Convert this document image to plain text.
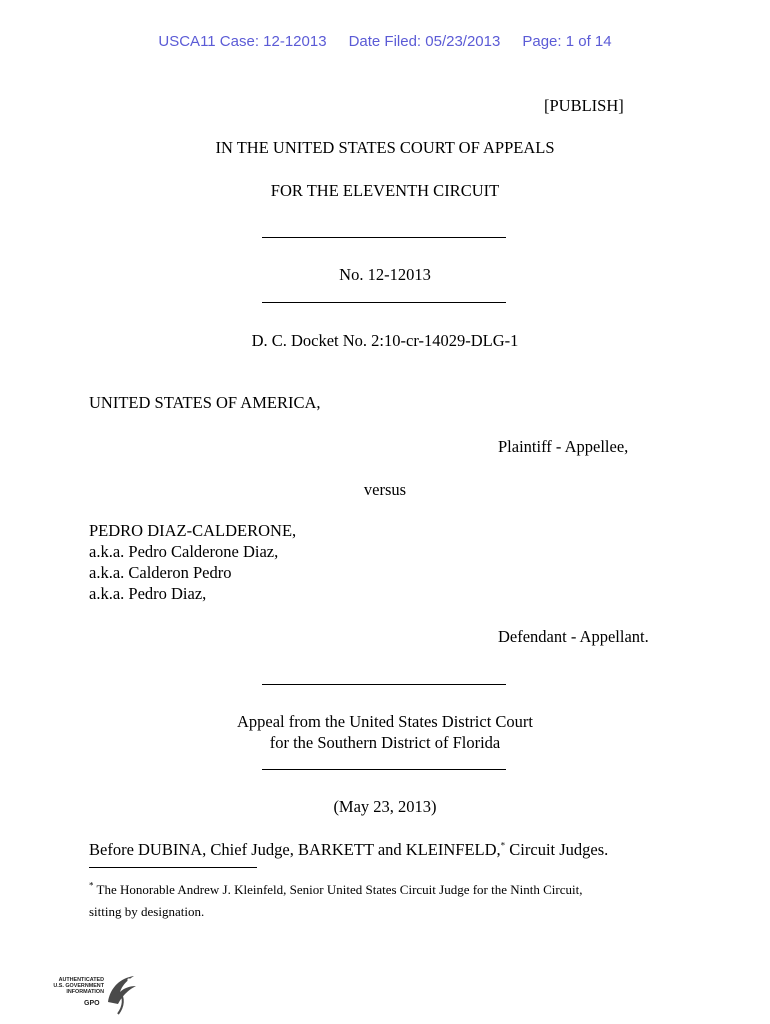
USCA11 Case: 12-12013 Date Filed: 05/23/2013 Page: 1 of 14
[PUBLISH]
IN THE UNITED STATES COURT OF APPEALS
FOR THE ELEVENTH CIRCUIT
No. 12-12013
D. C. Docket No. 2:10-cr-14029-DLG-1
UNITED STATES OF AMERICA,
Plaintiff - Appellee,
versus
PEDRO DIAZ-CALDERONE,
a.k.a. Pedro Calderone Diaz,
a.k.a. Calderon Pedro
a.k.a. Pedro Diaz,
Defendant - Appellant.
Appeal from the United States District Court
for the Southern District of Florida
(May 23, 2013)
Before DUBINA, Chief Judge, BARKETT and KLEINFELD,* Circuit Judges.
* The Honorable Andrew J. Kleinfeld, Senior United States Circuit Judge for the Ninth Circuit,
sitting by designation.
AUTHENTICATED
U.S. GOVERNMENT
INFORMATION
GPO
